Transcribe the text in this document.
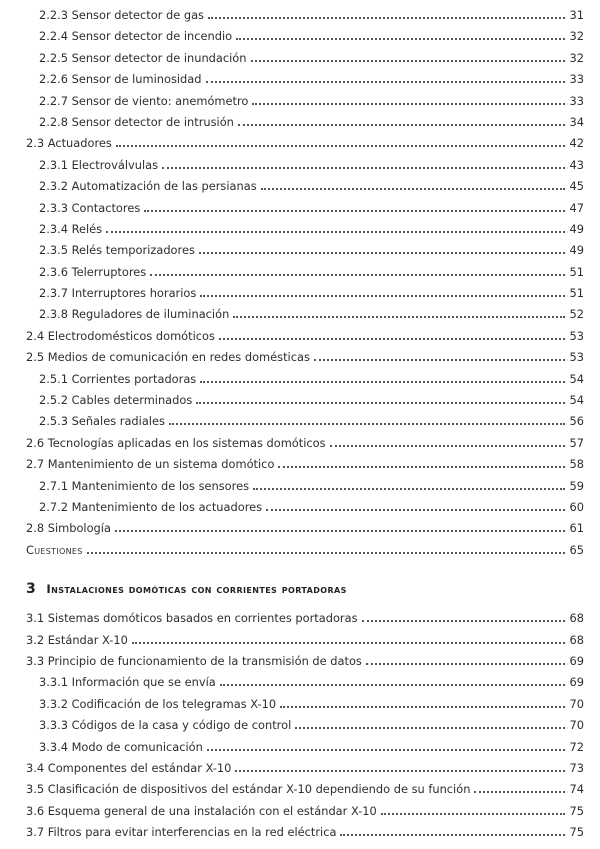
2.2.3 Sensor detector de gas	31
2.2.4 Sensor detector de incendio	32
2.2.5 Sensor detector de inundación	32
2.2.6 Sensor de luminosidad	33
2.2.7 Sensor de viento: anemómetro	33
2.2.8 Sensor detector de intrusión	34
2.3 Actuadores	42
2.3.1 Electroválvulas	43
2.3.2 Automatización de las persianas	45
2.3.3 Contactores	47
2.3.4 Relés	49
2.3.5 Relés temporizadores	49
2.3.6 Telerruptores	51
2.3.7 Interruptores horarios	51
2.3.8 Reguladores de iluminación	52
2.4 Electrodomésticos domóticos	53
2.5 Medios de comunicación en redes domésticas	53
2.5.1 Corrientes portadoras	54
2.5.2 Cables determinados	54
2.5.3 Señales radiales	56
2.6 Tecnologías aplicadas en los sistemas domóticos	57
2.7 Mantenimiento de un sistema domótico	58
2.7.1 Mantenimiento de los sensores	59
2.7.2 Mantenimiento de los actuadores	60
2.8 Simbología	61
Cuestiones	65
3 Instalaciones domóticas con corrientes portadoras
3.1 Sistemas domóticos basados en corrientes portadoras	68
3.2 Estándar X-10	68
3.3 Principio de funcionamiento de la transmisión de datos	69
3.3.1 Información que se envía	69
3.3.2 Codificación de los telegramas X-10	70
3.3.3 Códigos de la casa y código de control	70
3.3.4 Modo de comunicación	72
3.4 Componentes del estándar X-10	73
3.5 Clasificación de dispositivos del estándar X-10 dependiendo de su función	74
3.6 Esquema general de una instalación con el estándar X-10	75
3.7 Filtros para evitar interferencias en la red eléctrica	75
